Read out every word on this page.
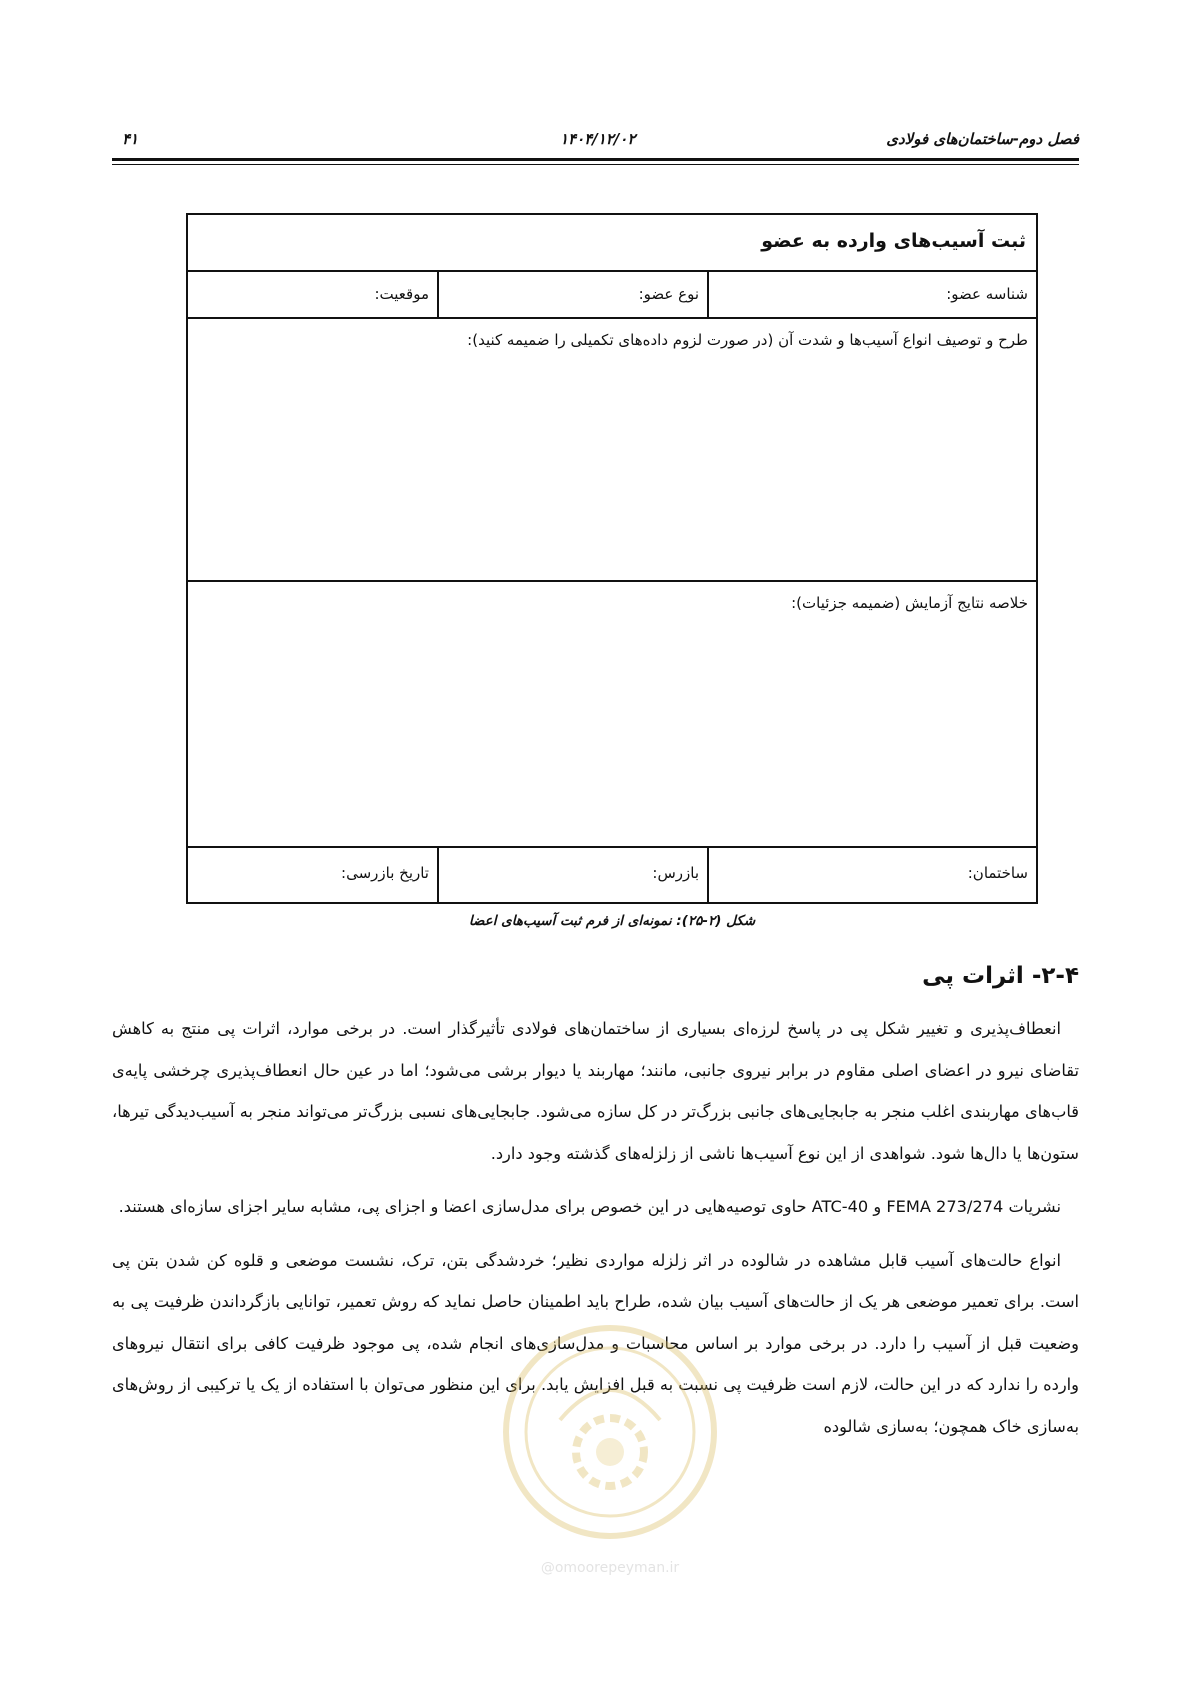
فصل دوم-ساختمان‌های فولادی
۱۴۰۴/۱۲/۰۲
۴۱
ثبت آسیب‌های وارده به عضو
شناسه عضو:
نوع عضو:
موقعیت:
طرح و توصیف انواع آسیب‌ها و شدت آن (در صورت لزوم داده‌های تکمیلی را ضمیمه کنید):
خلاصه نتایج آزمایش (ضمیمه جزئیات):
ساختمان:
بازرس:
تاریخ بازرسی:
شکل (۲-۲۵): نمونه‌ای از فرم ثبت آسیب‌های اعضا
۲-۴- اثرات پی

انعطاف‌پذیری و تغییر شکل پی در پاسخ لرزه‌ای بسیاری از ساختمان‌های فولادی تأثیرگذار است. در برخی موارد، اثرات پی منتج به کاهش تقاضای نیرو در اعضای اصلی مقاوم در برابر نیروی جانبی، مانند؛ مهاربند یا دیوار برشی می‌شود؛ اما در عین حال انعطاف‌پذیری چرخشی پایه‌ی قاب‌های مهاربندی اغلب منجر به جابجایی‌های جانبی بزرگ‌تر در کل سازه می‌شود. جابجایی‌های نسبی بزرگ‌تر می‌تواند منجر به آسیب‌دیدگی تیرها، ستون‌ها یا دال‌ها شود. شواهدی از این نوع آسیب‌ها ناشی از زلزله‌های گذشته وجود دارد.

نشریات FEMA 273/274 و ATC-40 حاوی توصیه‌هایی در این خصوص برای مدل‌سازی اعضا و اجزای پی، مشابه سایر اجزای سازه‌ای هستند.

انواع حالت‌های آسیب قابل مشاهده در شالوده در اثر زلزله مواردی نظیر؛ خردشدگی بتن، ترک، نشست موضعی و قلوه کن شدن بتن پی است. برای تعمیر موضعی هر یک از حالت‌های آسیب بیان شده، طراح باید اطمینان حاصل نماید که روش تعمیر، توانایی بازگرداندن ظرفیت پی به وضعیت قبل از آسیب را دارد. در برخی موارد بر اساس محاسبات و مدل‌سازی‌های انجام شده، پی موجود ظرفیت کافی برای انتقال نیروهای وارده را ندارد که در این حالت، لازم است ظرفیت پی نسبت به قبل افزایش یابد. برای این منظور می‌توان با استفاده از یک یا ترکیبی از روش‌های به‌سازی خاک همچون؛ به‌سازی شالوده

@omoorepeyman.ir
